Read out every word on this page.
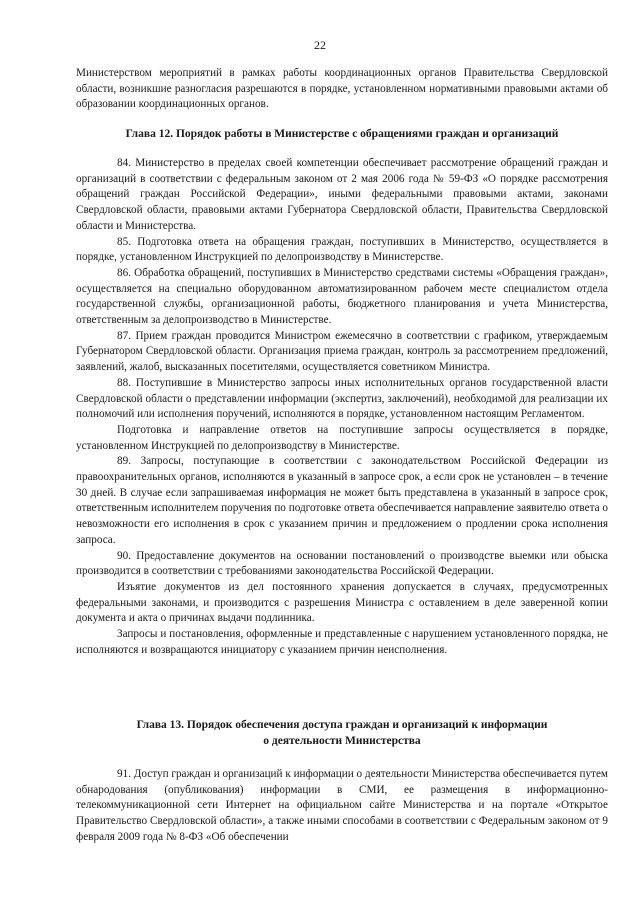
22

Министерством мероприятий в рамках работы координационных органов Правительства Свердловской области, возникшие разногласия разрешаются в порядке, установленном нормативными правовыми актами об образовании координационных органов.

Глава 12. Порядок работы в Министерстве с обращениями граждан и организаций

84. Министерство в пределах своей компетенции обеспечивает рассмотрение обращений граждан и организаций в соответствии с федеральным законом от 2 мая 2006 года № 59-ФЗ «О порядке рассмотрения обращений граждан Российской Федерации», иными федеральными правовыми актами, законами Свердловской области, правовыми актами Губернатора Свердловской области, Правительства Свердловской области и Министерства.

85. Подготовка ответа на обращения граждан, поступивших в Министерство, осуществляется в порядке, установленном Инструкцией по делопроизводству в Министерстве.

86. Обработка обращений, поступивших в Министерство средствами системы «Обращения граждан», осуществляется на специально оборудованном автоматизированном рабочем месте специалистом отдела государственной службы, организационной работы, бюджетного планирования и учета Министерства, ответственным за делопроизводство в Министерстве.

87. Прием граждан проводится Министром ежемесячно в соответствии с графиком, утверждаемым Губернатором Свердловской области. Организация приема граждан, контроль за рассмотрением предложений, заявлений, жалоб, высказанных посетителями, осуществляется советником Министра.

88. Поступившие в Министерство запросы иных исполнительных органов государственной власти Свердловской области о представлении информации (экспертиз, заключений), необходимой для реализации их полномочий или исполнения поручений, исполняются в порядке, установленном настоящим Регламентом.

Подготовка и направление ответов на поступившие запросы осуществляется в порядке, установленном Инструкцией по делопроизводству в Министерстве.

89. Запросы, поступающие в соответствии с законодательством Российской Федерации из правоохранительных органов, исполняются в указанный в запросе срок, а если срок не установлен – в течение 30 дней. В случае если запрашиваемая информация не может быть представлена в указанный в запросе срок, ответственным исполнителем поручения по подготовке ответа обеспечивается направление заявителю ответа о невозможности его исполнения в срок с указанием причин и предложением о продлении срока исполнения запроса.

90. Предоставление документов на основании постановлений о производстве выемки или обыска производится в соответствии с требованиями законодательства Российской Федерации.

Изъятие документов из дел постоянного хранения допускается в случаях, предусмотренных федеральными законами, и производится с разрешения Министра с оставлением в деле заверенной копии документа и акта о причинах выдачи подлинника.

Запросы и постановления, оформленные и представленные с нарушением установленного порядка, не исполняются и возвращаются инициатору с указанием причин неисполнения.

Глава 13. Порядок обеспечения доступа граждан и организаций к информации
о деятельности Министерства

91. Доступ граждан и организаций к информации о деятельности Министерства обеспечивается путем обнародования (опубликования) информации в СМИ, ее размещения в информационно-телекоммуникационной сети Интернет на официальном сайте Министерства и на портале «Открытое Правительство Свердловской области», а также иными способами в соответствии с Федеральным законом от 9 февраля 2009 года № 8-ФЗ «Об обеспечении
